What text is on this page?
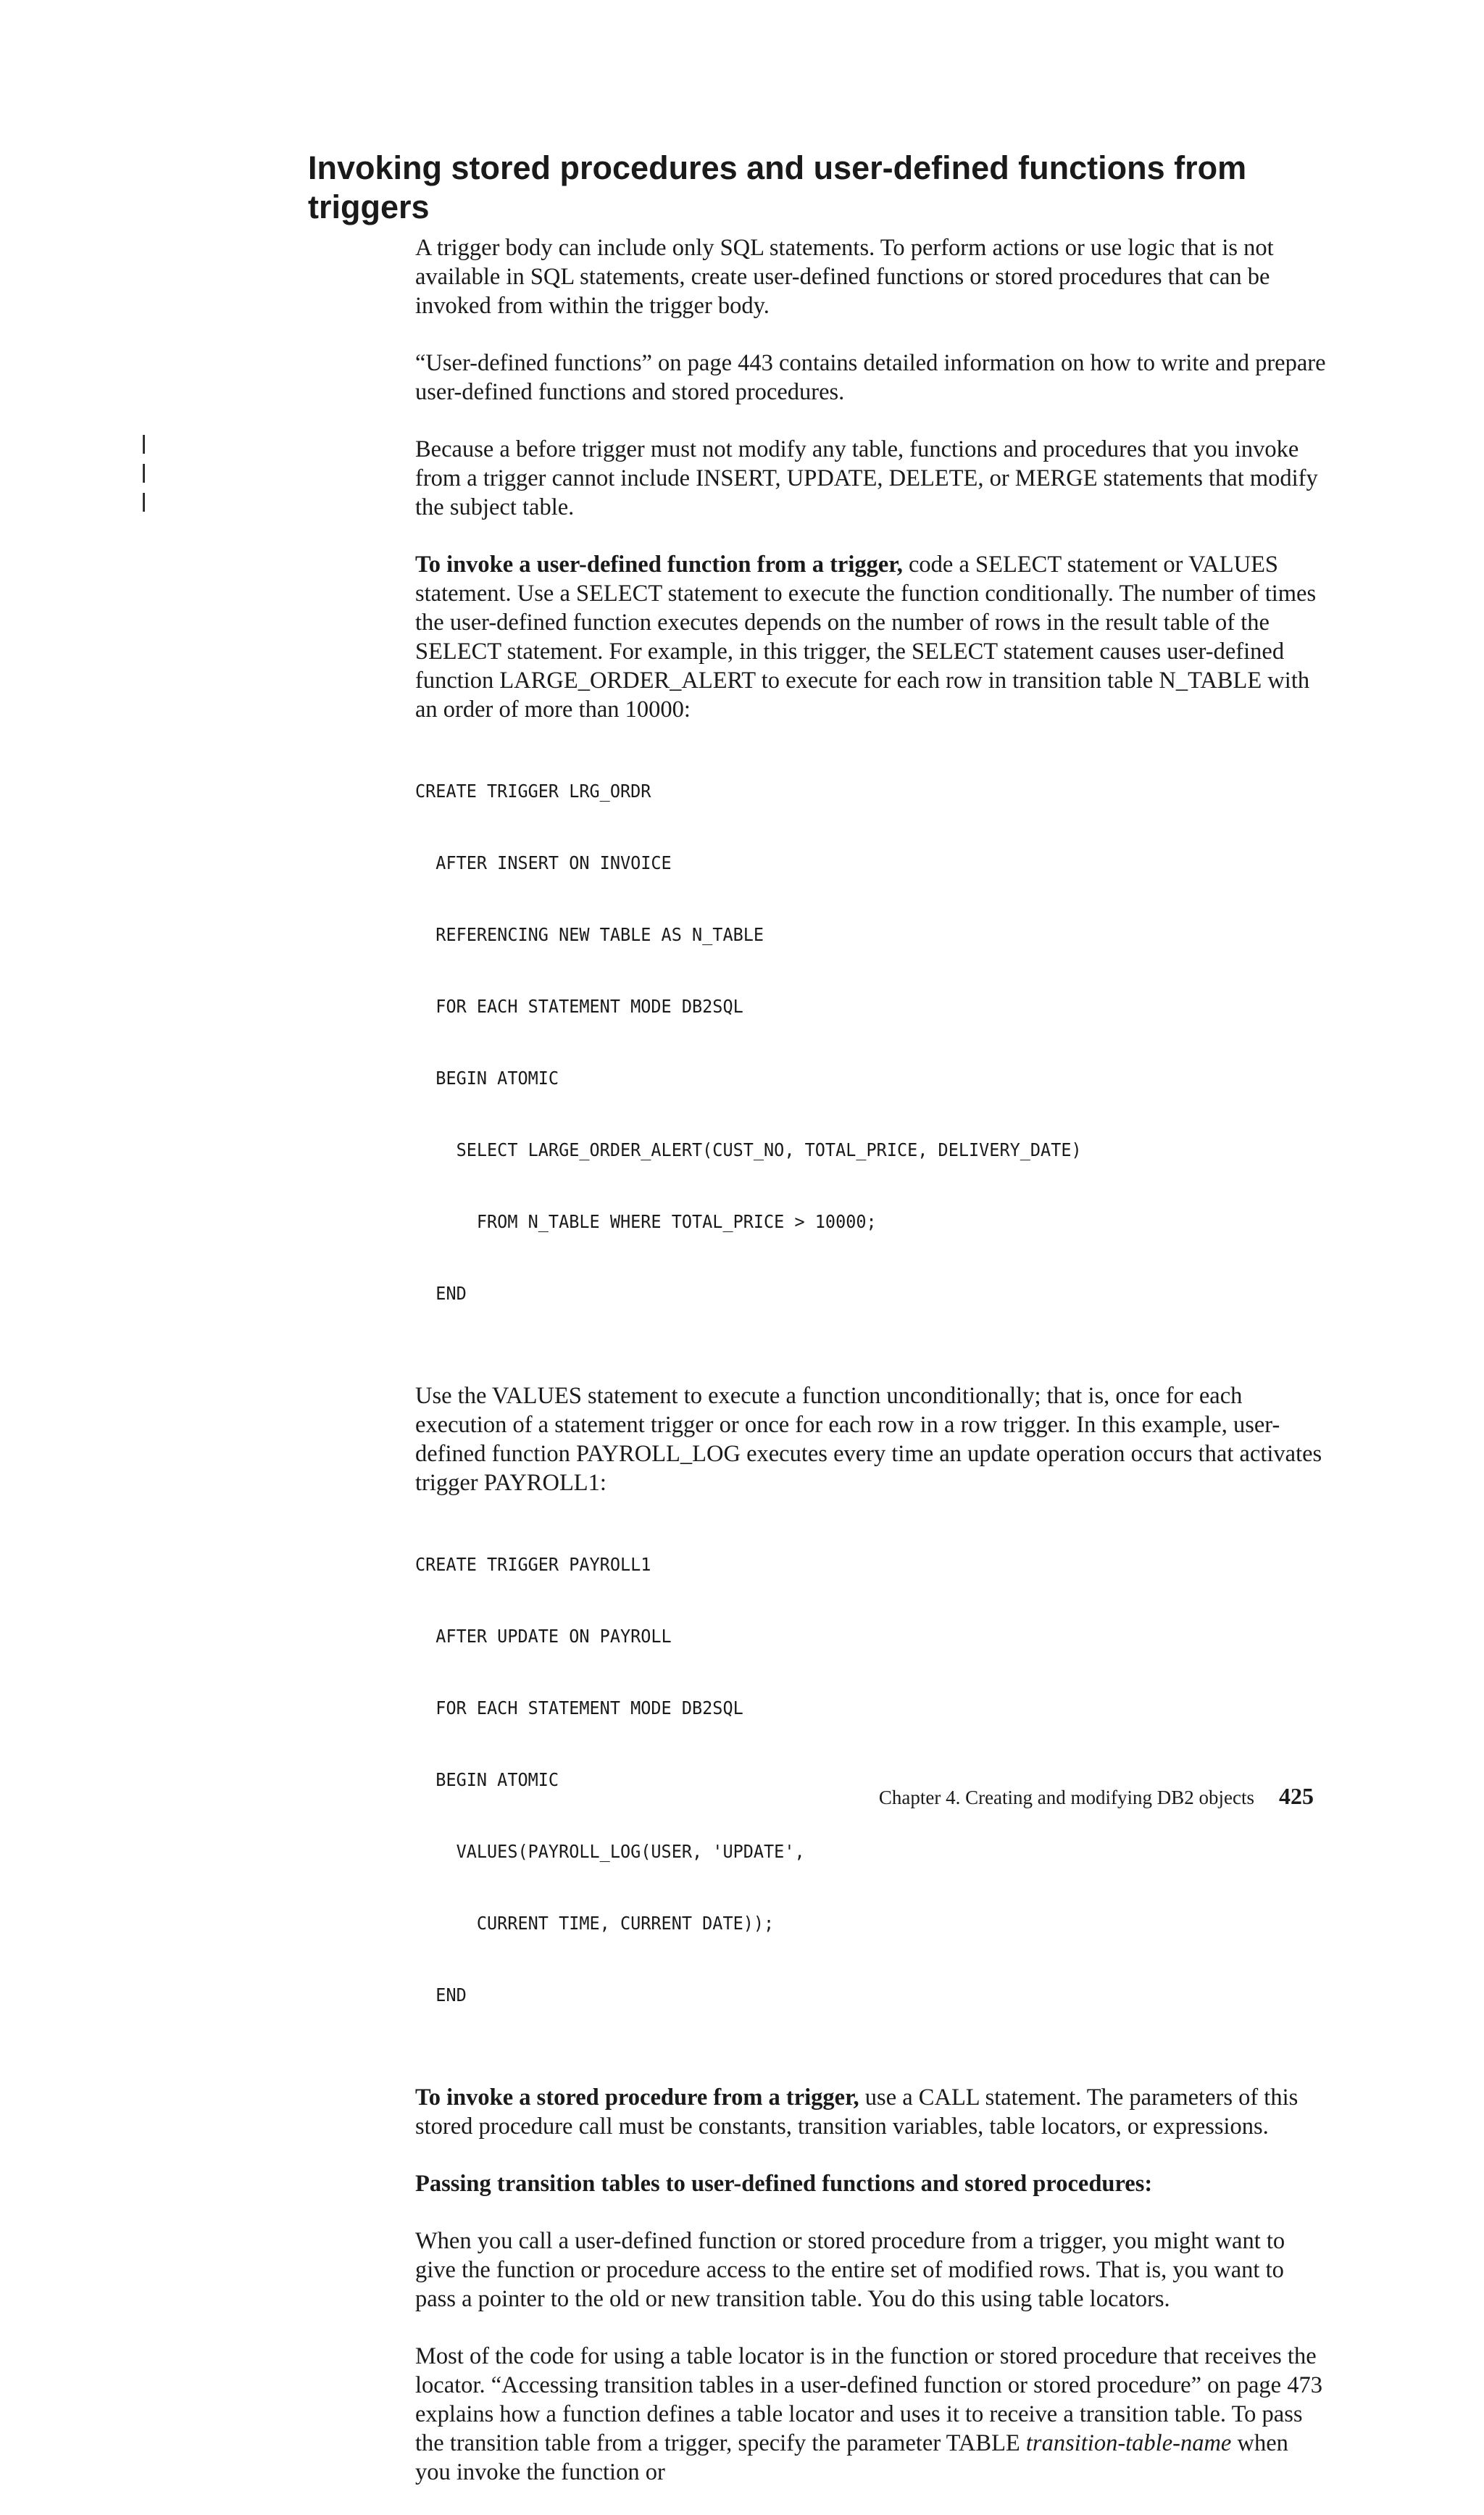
Invoking stored procedures and user-defined functions from triggers

A trigger body can include only SQL statements. To perform actions or use logic that is not available in SQL statements, create user-defined functions or stored procedures that can be invoked from within the trigger body.

“User-defined functions” on page 443 contains detailed information on how to write and prepare user-defined functions and stored procedures.

Because a before trigger must not modify any table, functions and procedures that you invoke from a trigger cannot include INSERT, UPDATE, DELETE, or MERGE statements that modify the subject table.

To invoke a user-defined function from a trigger, code a SELECT statement or VALUES statement. Use a SELECT statement to execute the function conditionally. The number of times the user-defined function executes depends on the number of rows in the result table of the SELECT statement. For example, in this trigger, the SELECT statement causes user-defined function LARGE_ORDER_ALERT to execute for each row in transition table N_TABLE with an order of more than 10000:

CREATE TRIGGER LRG_ORDR

AFTER INSERT ON INVOICE

REFERENCING NEW TABLE AS N_TABLE

FOR EACH STATEMENT MODE DB2SQL

BEGIN ATOMIC

SELECT LARGE_ORDER_ALERT(CUST_NO, TOTAL_PRICE, DELIVERY_DATE)

FROM N_TABLE WHERE TOTAL_PRICE > 10000;

END

Use the VALUES statement to execute a function unconditionally; that is, once for each execution of a statement trigger or once for each row in a row trigger. In this example, user-defined function PAYROLL_LOG executes every time an update operation occurs that activates trigger PAYROLL1:

CREATE TRIGGER PAYROLL1

AFTER UPDATE ON PAYROLL

FOR EACH STATEMENT MODE DB2SQL

BEGIN ATOMIC

VALUES(PAYROLL_LOG(USER, 'UPDATE',

CURRENT TIME, CURRENT DATE));

END

To invoke a stored procedure from a trigger, use a CALL statement. The parameters of this stored procedure call must be constants, transition variables, table locators, or expressions.

Passing transition tables to user-defined functions and stored procedures:

When you call a user-defined function or stored procedure from a trigger, you might want to give the function or procedure access to the entire set of modified rows. That is, you want to pass a pointer to the old or new transition table. You do this using table locators.

Most of the code for using a table locator is in the function or stored procedure that receives the locator. “Accessing transition tables in a user-defined function or stored procedure” on page 473 explains how a function defines a table locator and uses it to receive a transition table. To pass the transition table from a trigger, specify the parameter TABLE transition-table-name when you invoke the function or

Chapter 4. Creating and modifying DB2 objects 425
